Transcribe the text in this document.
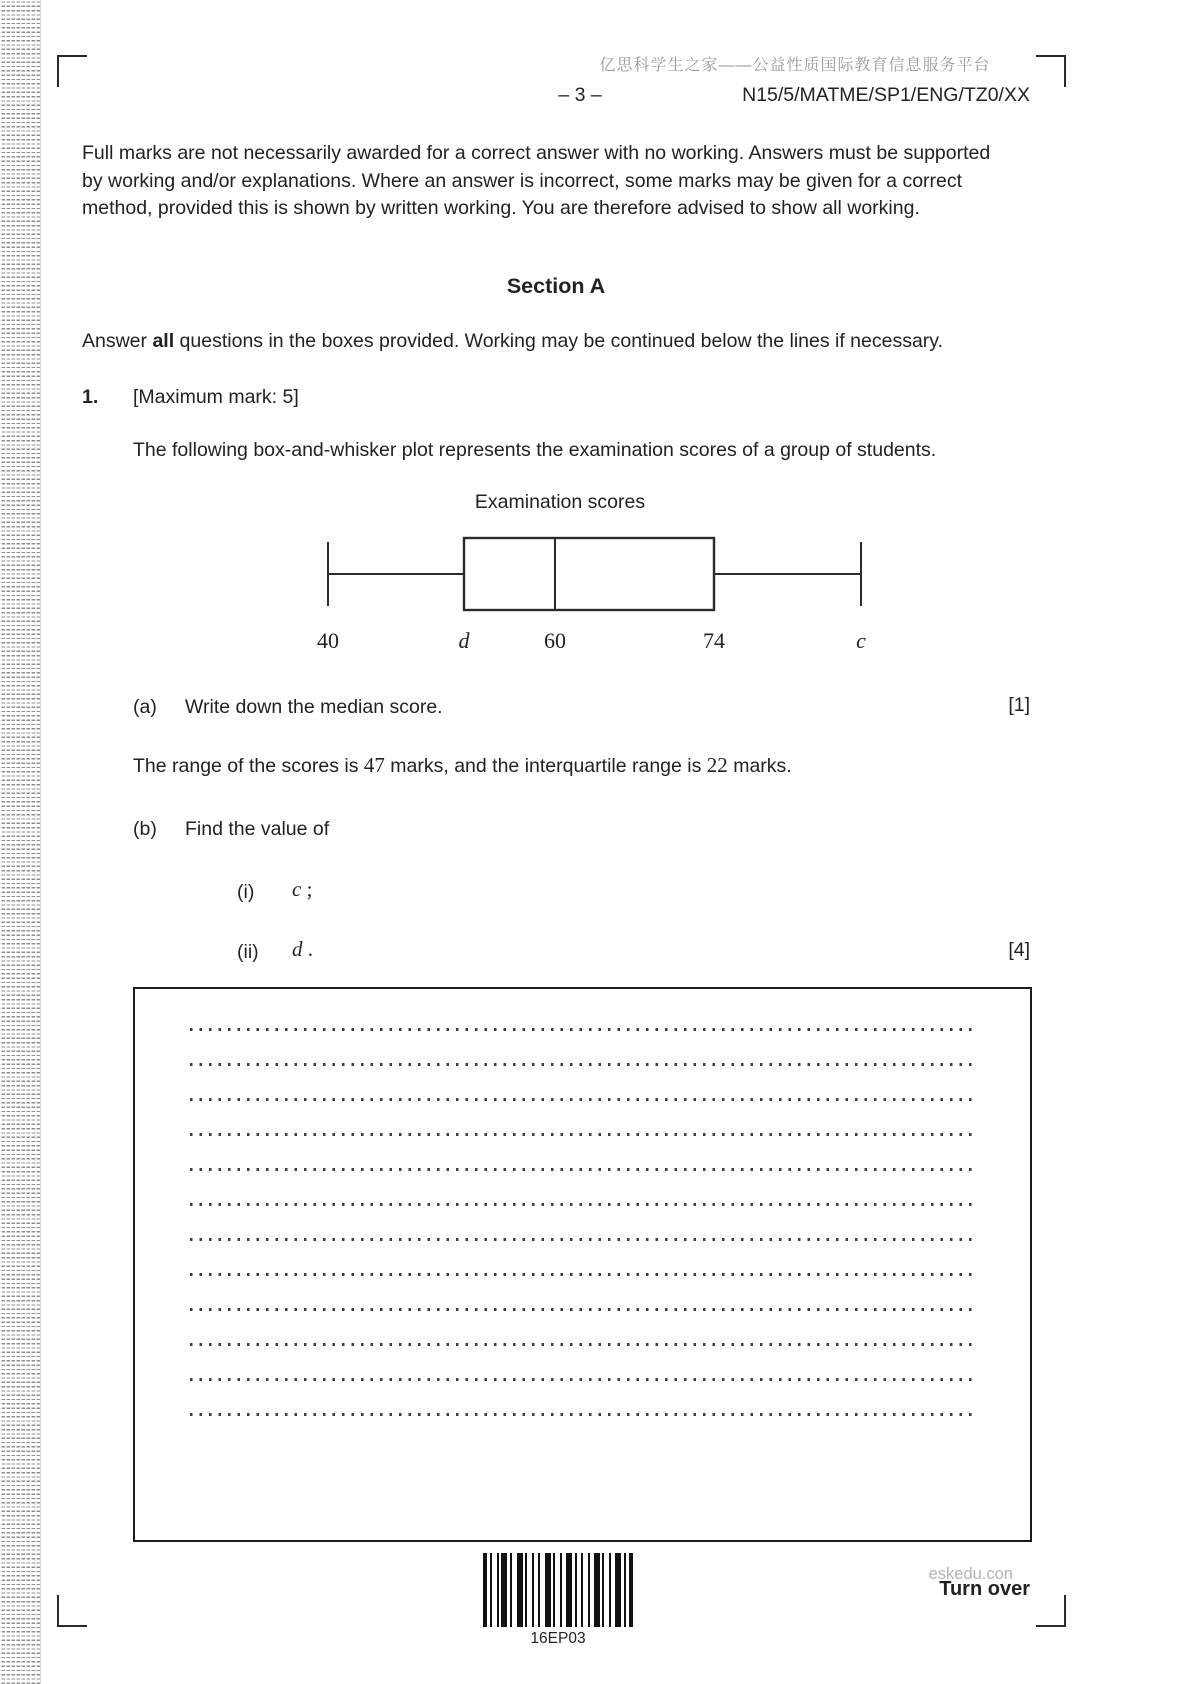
亿思科学生之家——公益性质国际教育信息服务平台
– 3 –	N15/5/MATME/SP1/ENG/TZ0/XX
Full marks are not necessarily awarded for a correct answer with no working. Answers must be supported by working and/or explanations. Where an answer is incorrect, some marks may be given for a correct method, provided this is shown by written working. You are therefore advised to show all working.
Section A
Answer all questions in the boxes provided. Working may be continued below the lines if necessary.
1. [Maximum mark: 5]
The following box-and-whisker plot represents the examination scores of a group of students.
Examination scores
40	d	60	74	c
(a) Write down the median score.	[1]
The range of the scores is 47 marks, and the interquartile range is 22 marks.
(b) Find the value of
(i) c ;
(ii) d .	[4]
16EP03
eskedu.con
Turn over
